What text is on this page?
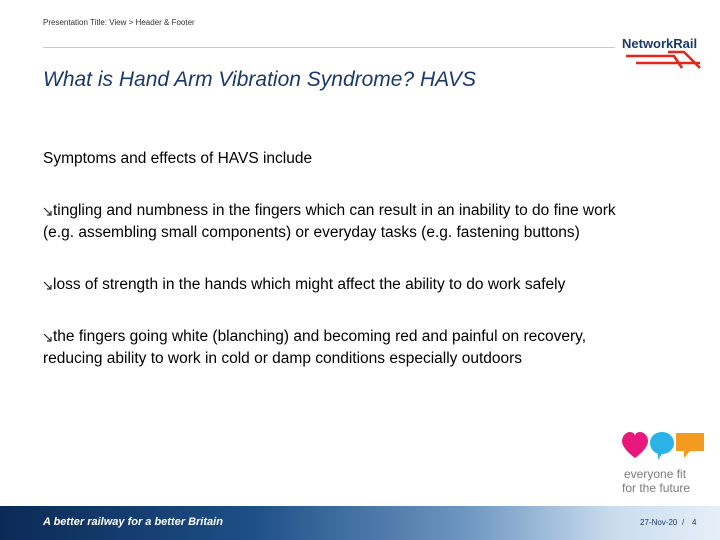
Presentation Title: View > Header & Footer
NetworkRail
What is Hand Arm Vibration Syndrome? HAVS

Symptoms and effects of HAVS include

tingling and numbness in the fingers which can result in an inability to do fine work (e.g. assembling small components) or everyday tasks (e.g. fastening buttons)

loss of strength in the hands which might affect the ability to do work safely

the fingers going white (blanching) and becoming red and painful on recovery, reducing ability to work in cold or damp conditions especially outdoors

everyone fit
for the future
A better railway for a better Britain	27-Nov-20 / 4
